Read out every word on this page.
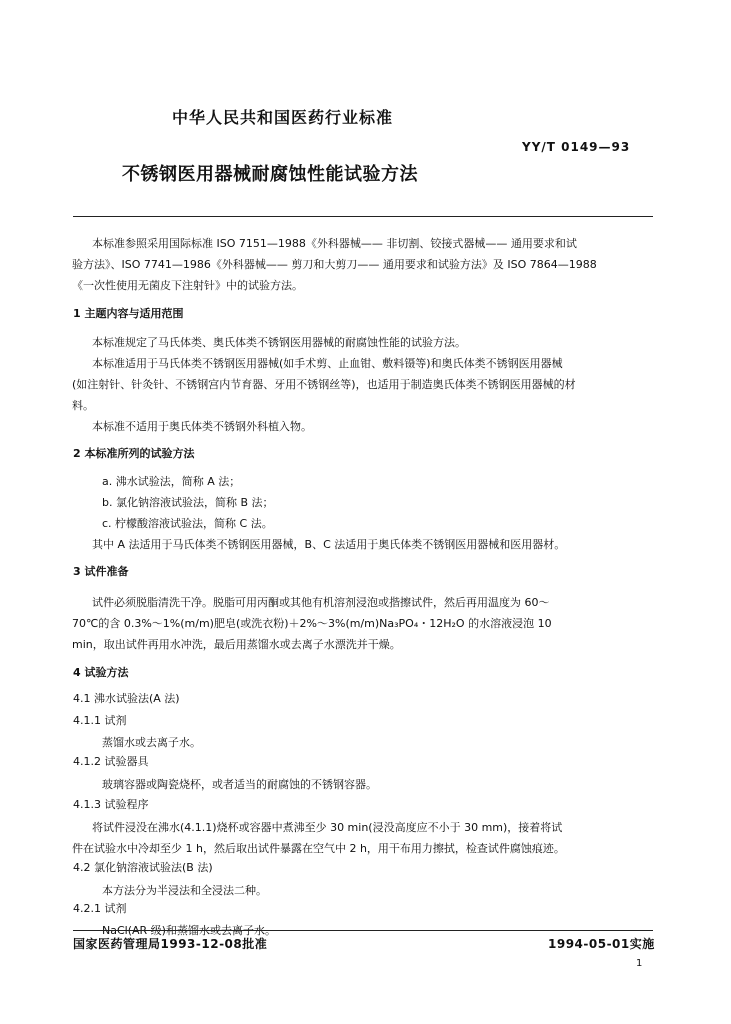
中华人民共和国医药行业标准
YY/T 0149—93
不锈钢医用器械耐腐蚀性能试验方法
本标准参照采用国际标准 ISO 7151—1988《外科器械—— 非切割、铰接式器械—— 通用要求和试
验方法》、ISO 7741—1986《外科器械—— 剪刀和大剪刀—— 通用要求和试验方法》及 ISO 7864—1988
《一次性使用无菌皮下注射针》中的试验方法。
1 主题内容与适用范围
本标准规定了马氏体类、奥氏体类不锈钢医用器械的耐腐蚀性能的试验方法。
本标准适用于马氏体类不锈钢医用器械(如手术剪、止血钳、敷料镊等)和奥氏体类不锈钢医用器械
(如注射针、针灸针、不锈钢宫内节育器、牙用不锈钢丝等)，也适用于制造奥氏体类不锈钢医用器械的材
料。
本标准不适用于奥氏体类不锈钢外科植入物。
2 本标准所列的试验方法
a. 沸水试验法，简称 A 法；
b. 氯化钠溶液试验法，简称 B 法；
c. 柠檬酸溶液试验法，简称 C 法。
其中 A 法适用于马氏体类不锈钢医用器械，B、C 法适用于奥氏体类不锈钢医用器械和医用器材。
3 试件准备
试件必须脱脂清洗干净。脱脂可用丙酮或其他有机溶剂浸泡或揩擦试件，然后再用温度为 60～
70℃的含 0.3%～1%(m/m)肥皂(或洗衣粉)＋2%～3%(m/m)Na₃PO₄・12H₂O 的水溶液浸泡 10
min，取出试件再用水冲洗，最后用蒸馏水或去离子水漂洗并干燥。
4 试验方法
4.1 沸水试验法(A 法)
4.1.1 试剂
蒸馏水或去离子水。
4.1.2 试验器具
玻璃容器或陶瓷烧杯，或者适当的耐腐蚀的不锈钢容器。
4.1.3 试验程序
将试件浸没在沸水(4.1.1)烧杯或容器中煮沸至少 30 min(浸没高度应不小于 30 mm)，接着将试
件在试验水中冷却至少 1 h，然后取出试件暴露在空气中 2 h，用干布用力擦拭，检查试件腐蚀痕迹。
4.2 氯化钠溶液试验法(B 法)
本方法分为半浸法和全浸法二种。
4.2.1 试剂
NaCl(AR 级)和蒸馏水或去离子水。
国家医药管理局1993-12-08批准	1994-05-01实施
1
